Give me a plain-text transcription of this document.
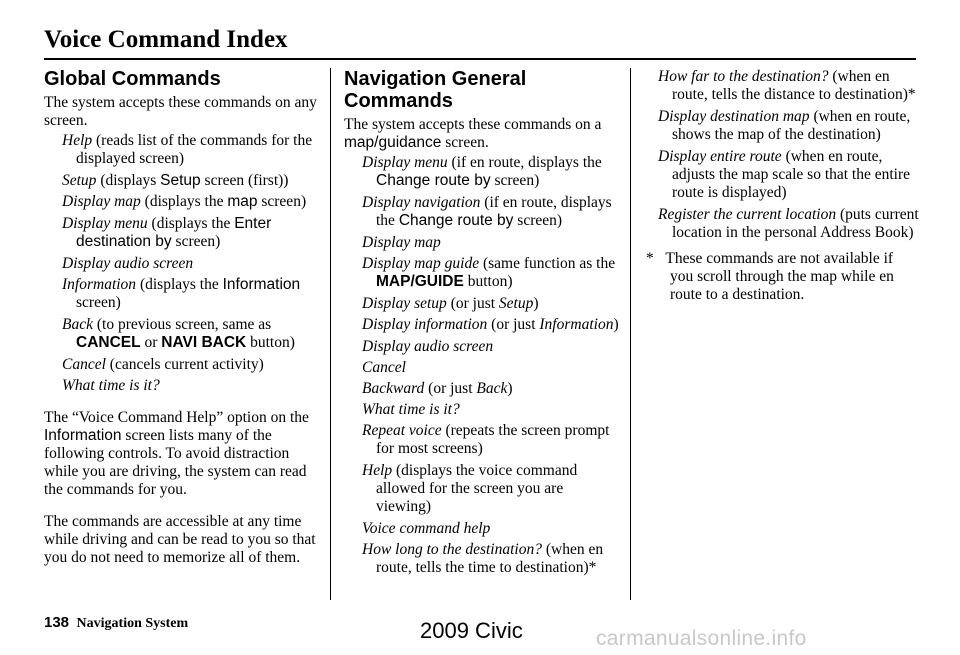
Voice Command Index
Global Commands

The system accepts these commands on any screen.

Help (reads list of the commands for the displayed screen)

Setup (displays Setup screen (first))

Display map (displays the map screen)

Display menu (displays the Enter destination by screen)

Display audio screen

Information (displays the Information screen)

Back (to previous screen, same as CANCEL or NAVI BACK button)

Cancel (cancels current activity)

What time is it?

The “Voice Command Help” option on the Information screen lists many of the following controls. To avoid distraction while you are driving, the system can read the commands for you.

The commands are accessible at any time while driving and can be read to you so that you do not need to memorize all of them.

Navigation General Commands

The system accepts these commands on a map/guidance screen.

Display menu (if en route, displays the Change route by screen)

Display navigation (if en route, displays the Change route by screen)

Display map

Display map guide (same function as the MAP/GUIDE button)

Display setup (or just Setup)

Display information (or just Information)

Display audio screen

Cancel

Backward (or just Back)

What time is it?

Repeat voice (repeats the screen prompt for most screens)

Help (displays the voice command allowed for the screen you are viewing)

Voice command help

How long to the destination? (when en route, tells the time to destination)*

How far to the destination? (when en route, tells the distance to destination)*

Display destination map (when en route, shows the map of the destination)

Display entire route (when en route, adjusts the map scale so that the entire route is displayed)

Register the current location (puts current location in the personal Address Book)

* These commands are not available if you scroll through the map while en route to a destination.

138 Navigation System	2009 Civic	carmanualsonline.info
